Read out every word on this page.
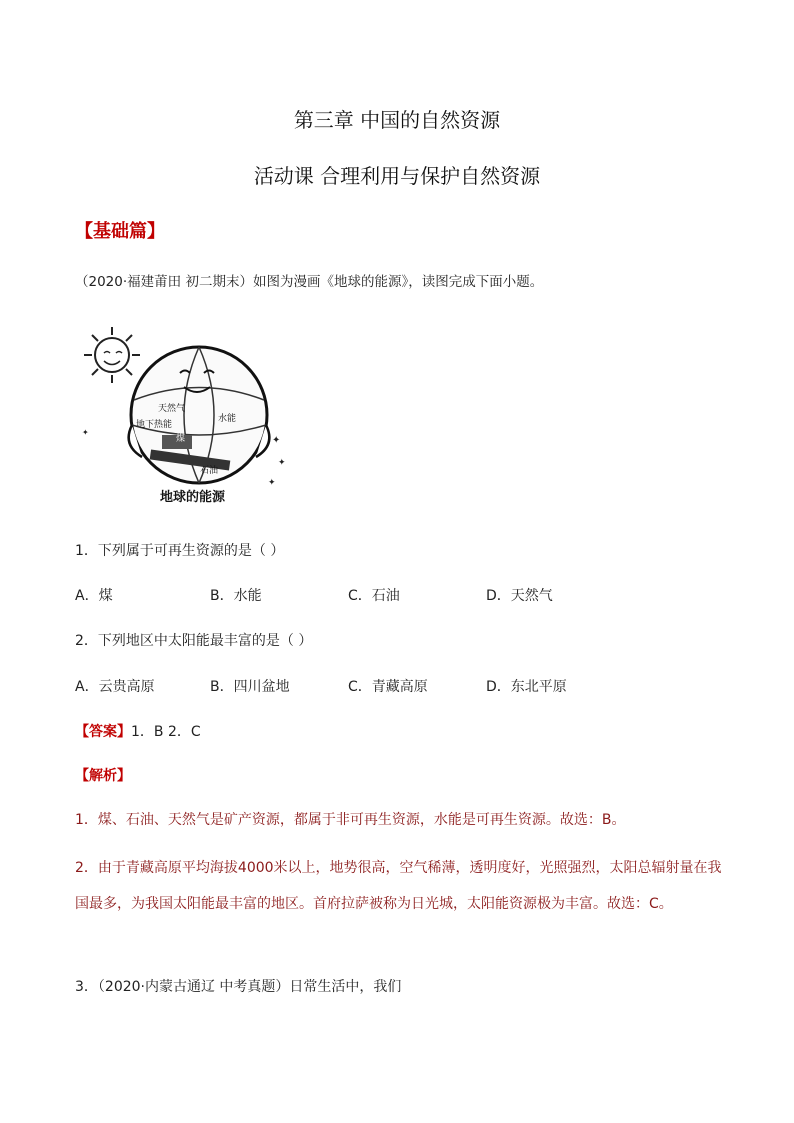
第三章 中国的自然资源
活动课 合理利用与保护自然资源
【基础篇】
（2020·福建莆田 初二期末）如图为漫画《地球的能源》，读图完成下面小题。
✦
✦
✦
✦
天然气
水能
地下热能
煤
石油
地球的能源
1．下列属于可再生资源的是（ ）
A．煤	B．水能	C．石油	D．天然气
2．下列地区中太阳能最丰富的是（ ）
A．云贵高原	B．四川盆地	C．青藏高原	D．东北平原
【答案】1．B 2．C
【解析】
1．煤、石油、天然气是矿产资源，都属于非可再生资源，水能是可再生资源。故选：B。
2．由于青藏高原平均海拔4000米以上，地势很高，空气稀薄，透明度好，光照强烈，太阳总辐射量在我国最多，为我国太阳能最丰富的地区。首府拉萨被称为日光城，太阳能资源极为丰富。故选：C。
3．（2020·内蒙古通辽 中考真题）日常生活中，我们
